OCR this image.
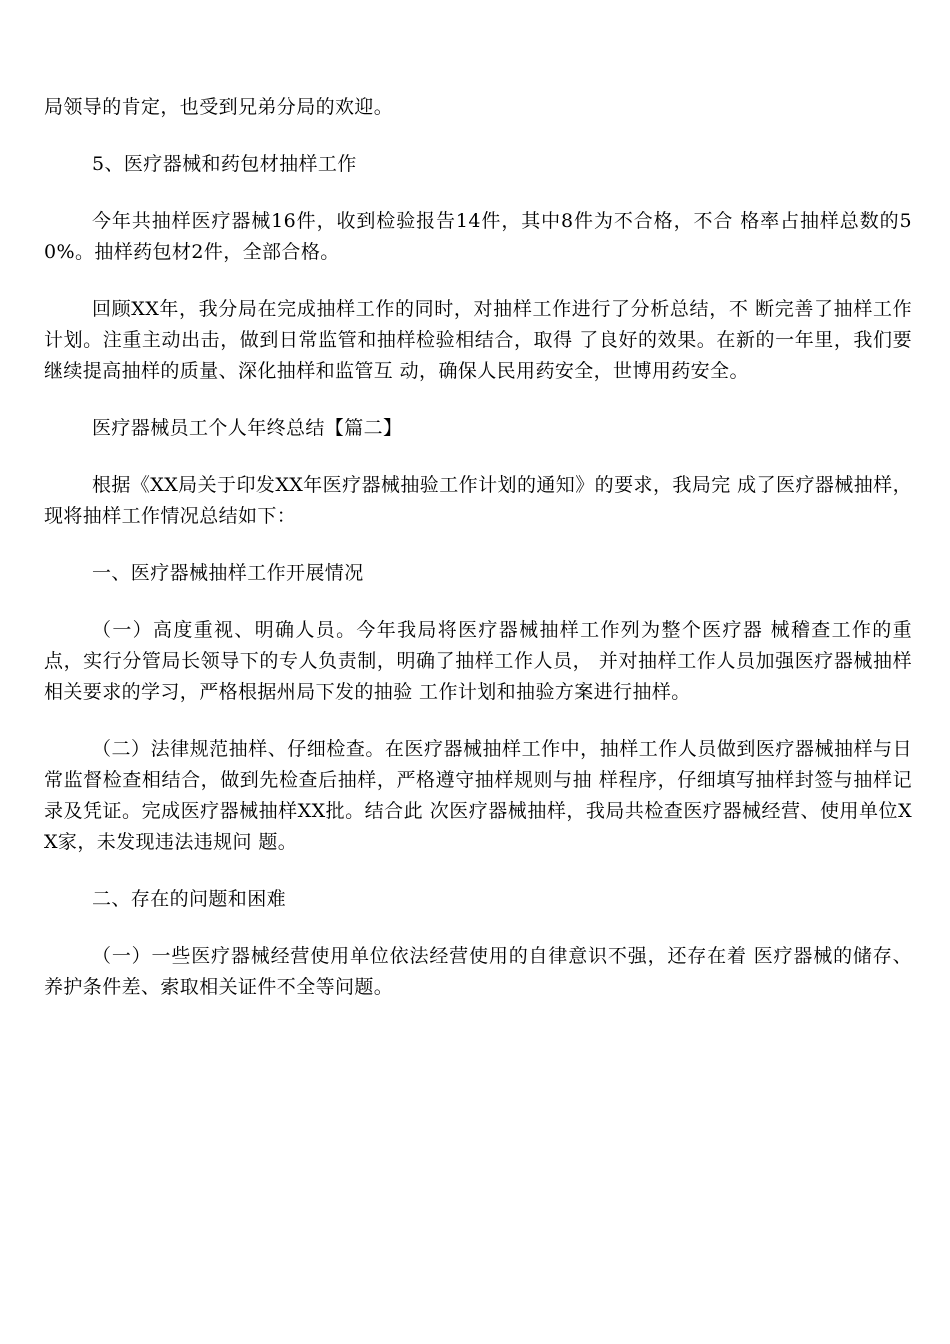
局领导的肯定，也受到兄弟分局的欢迎。

5、医疗器械和药包材抽样工作

今年共抽样医疗器械16件，收到检验报告14件，其中8件为不合格，不合 格率占抽样总数的50%。抽样药包材2件，全部合格。

回顾XX年，我分局在完成抽样工作的同时，对抽样工作进行了分析总结，不 断完善了抽样工作计划。注重主动出击，做到日常监管和抽样检验相结合，取得 了良好的效果。在新的一年里，我们要继续提高抽样的质量、深化抽样和监管互 动，确保人民用药安全，世博用药安全。

医疗器械员工个人年终总结【篇二】

根据《XX局关于印发XX年医疗器械抽验工作计划的通知》的要求，我局完 成了医疗器械抽样，现将抽样工作情况总结如下：

一、医疗器械抽样工作开展情况

（一）高度重视、明确人员。今年我局将医疗器械抽样工作列为整个医疗器 械稽查工作的重点，实行分管局长领导下的专人负责制，明确了抽样工作人员， 并对抽样工作人员加强医疗器械抽样相关要求的学习，严格根据州局下发的抽验 工作计划和抽验方案进行抽样。

（二）法律规范抽样、仔细检查。在医疗器械抽样工作中，抽样工作人员做到医疗器械抽样与日常监督检查相结合，做到先检查后抽样，严格遵守抽样规则与抽 样程序，仔细填写抽样封签与抽样记录及凭证。完成医疗器械抽样XX批。结合此 次医疗器械抽样，我局共检查医疗器械经营、使用单位XX家，未发现违法违规问 题。

二、存在的问题和困难

（一）一些医疗器械经营使用单位依法经营使用的自律意识不强，还存在着 医疗器械的储存、养护条件差、索取相关证件不全等问题。
